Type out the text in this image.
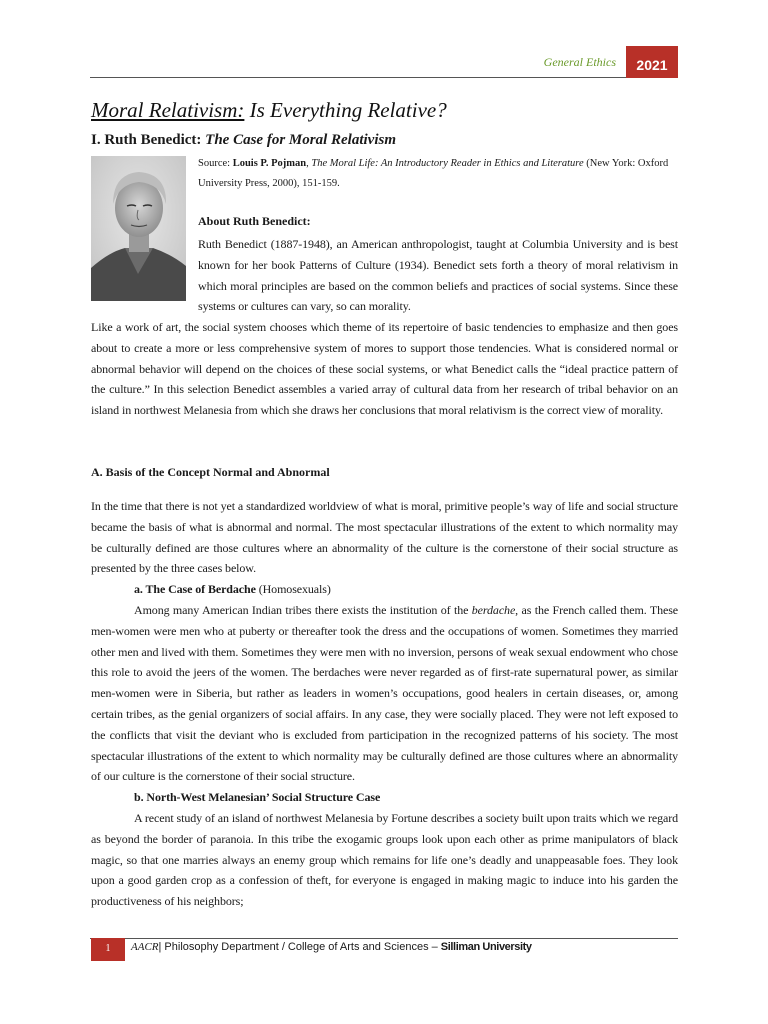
General Ethics	2021
Moral Relativism: Is Everything Relative?
I. Ruth Benedict: The Case for Moral Relativism
Source: Louis P. Pojman, The Moral Life: An Introductory Reader in Ethics and Literature (New York: Oxford University Press, 2000), 151-159.
About Ruth Benedict:
Ruth Benedict (1887-1948), an American anthropologist, taught at Columbia University and is best known for her book Patterns of Culture (1934). Benedict sets forth a theory of moral relativism in which moral principles are based on the common beliefs and practices of social systems. Since these systems or cultures can vary, so can morality.
Like a work of art, the social system chooses which theme of its repertoire of basic tendencies to emphasize and then goes about to create a more or less comprehensive system of mores to support those tendencies. What is considered normal or abnormal behavior will depend on the choices of these social systems, or what Benedict calls the “ideal practice pattern of the culture.” In this selection Benedict assembles a varied array of cultural data from her research of tribal behavior on an island in northwest Melanesia from which she draws her conclusions that moral relativism is the correct view of morality.
A. Basis of the Concept Normal and Abnormal
In the time that there is not yet a standardized worldview of what is moral, primitive people’s way of life and social structure became the basis of what is abnormal and normal. The most spectacular illustrations of the extent to which normality may be culturally defined are those cultures where an abnormality of the culture is the cornerstone of their social structure as presented by the three cases below.
a. The Case of Berdache (Homosexuals)
Among many American Indian tribes there exists the institution of the berdache, as the French called them. These men-women were men who at puberty or thereafter took the dress and the occupations of women. Sometimes they married other men and lived with them. Sometimes they were men with no inversion, persons of weak sexual endowment who chose this role to avoid the jeers of the women. The berdaches were never regarded as of first-rate supernatural power, as similar men-women were in Siberia, but rather as leaders in women’s occupations, good healers in certain diseases, or, among certain tribes, as the genial organizers of social affairs. In any case, they were socially placed. They were not left exposed to the conflicts that visit the deviant who is excluded from participation in the recognized patterns of his society. The most spectacular illustrations of the extent to which normality may be culturally defined are those cultures where an abnormality of our culture is the cornerstone of their social structure.
b. North-West Melanesian’ Social Structure Case
A recent study of an island of northwest Melanesia by Fortune describes a society built upon traits which we regard as beyond the border of paranoia. In this tribe the exogamic groups look upon each other as prime manipulators of black magic, so that one marries always an enemy group which remains for life one’s deadly and unappeasable foes. They look upon a good garden crop as a confession of theft, for everyone is engaged in making magic to induce into his garden the productiveness of his neighbors;
1	AACR| Philosophy Department / College of Arts and Sciences – Silliman University
